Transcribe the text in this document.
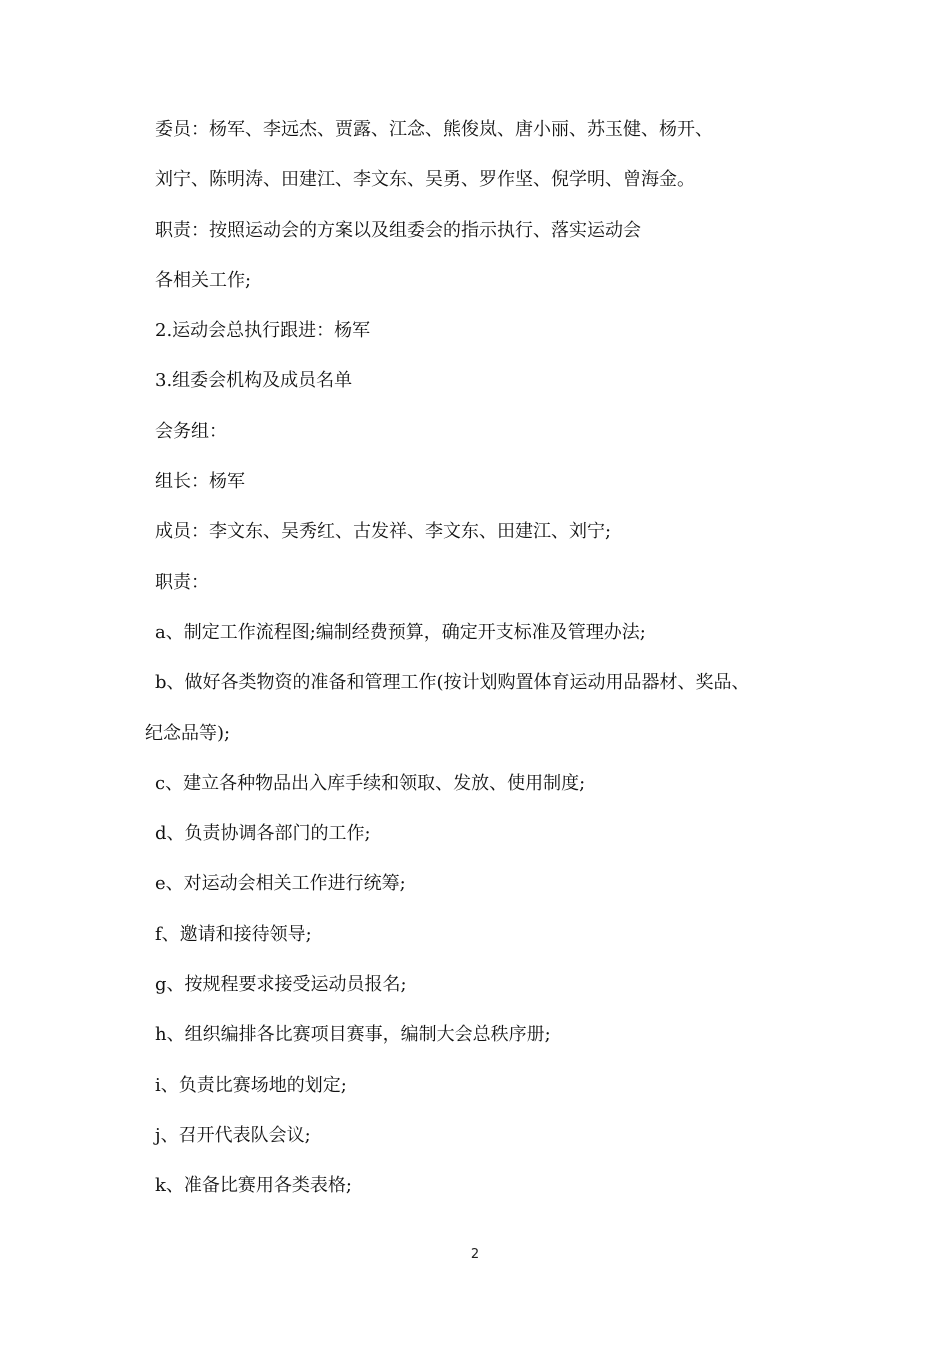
委员：杨军、李远杰、贾露、江念、熊俊岚、唐小丽、苏玉健、杨开、
刘宁、陈明涛、田建江、李文东、吴勇、罗作坚、倪学明、曾海金。
职责：按照运动会的方案以及组委会的指示执行、落实运动会
各相关工作;
2.运动会总执行跟进：杨军
3.组委会机构及成员名单
会务组：
组长：杨军
成员：李文东、吴秀红、古发祥、李文东、田建江、刘宁;
职责：
a、制定工作流程图;编制经费预算，确定开支标准及管理办法;
b、做好各类物资的准备和管理工作(按计划购置体育运动用品器材、奖品、
纪念品等);
c、建立各种物品出入库手续和领取、发放、使用制度;
d、负责协调各部门的工作;
e、对运动会相关工作进行统筹;
f、邀请和接待领导;
g、按规程要求接受运动员报名;
h、组织编排各比赛项目赛事，编制大会总秩序册;
i、负责比赛场地的划定;
j、召开代表队会议;
k、准备比赛用各类表格;
2
